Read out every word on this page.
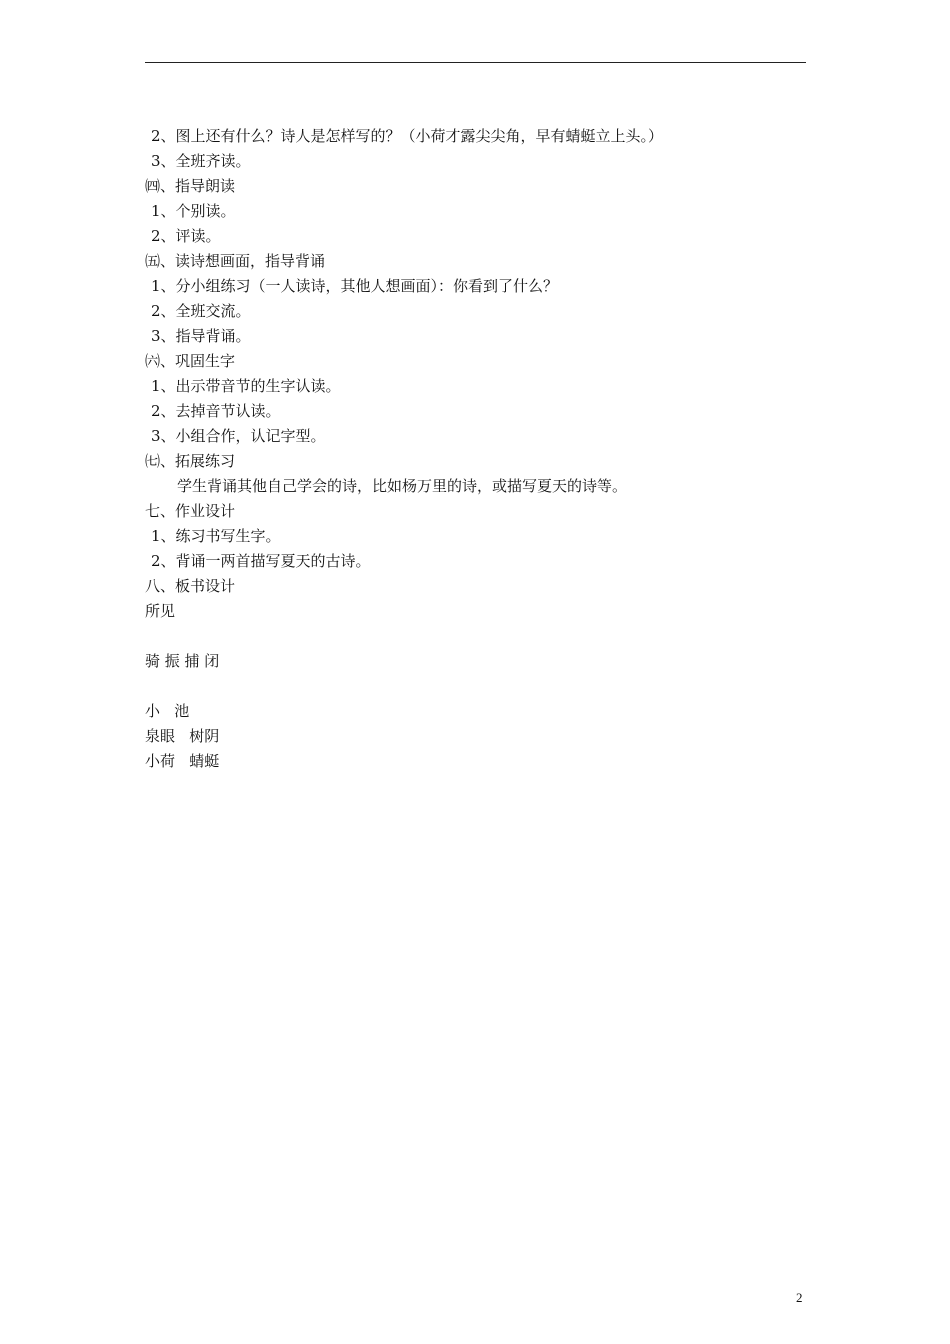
2、图上还有什么？诗人是怎样写的？（小荷才露尖尖角，早有蜻蜓立上头。）
3、全班齐读。
㈣、指导朗读
1、个别读。
2、评读。
㈤、读诗想画面，指导背诵
1、分小组练习（一人读诗，其他人想画面）：你看到了什么？
2、全班交流。
3、指导背诵。
㈥、巩固生字
1、出示带音节的生字认读。
2、去掉音节认读。
3、小组合作，认记字型。
㈦、拓展练习
学生背诵其他自己学会的诗，比如杨万里的诗，或描写夏天的诗等。
七、作业设计
1、练习书写生字。
2、背诵一两首描写夏天的古诗。
八、板书设计
所见
骑 振 捕 闭
小   池
泉眼   树阴
小荷   蜻蜓
2
